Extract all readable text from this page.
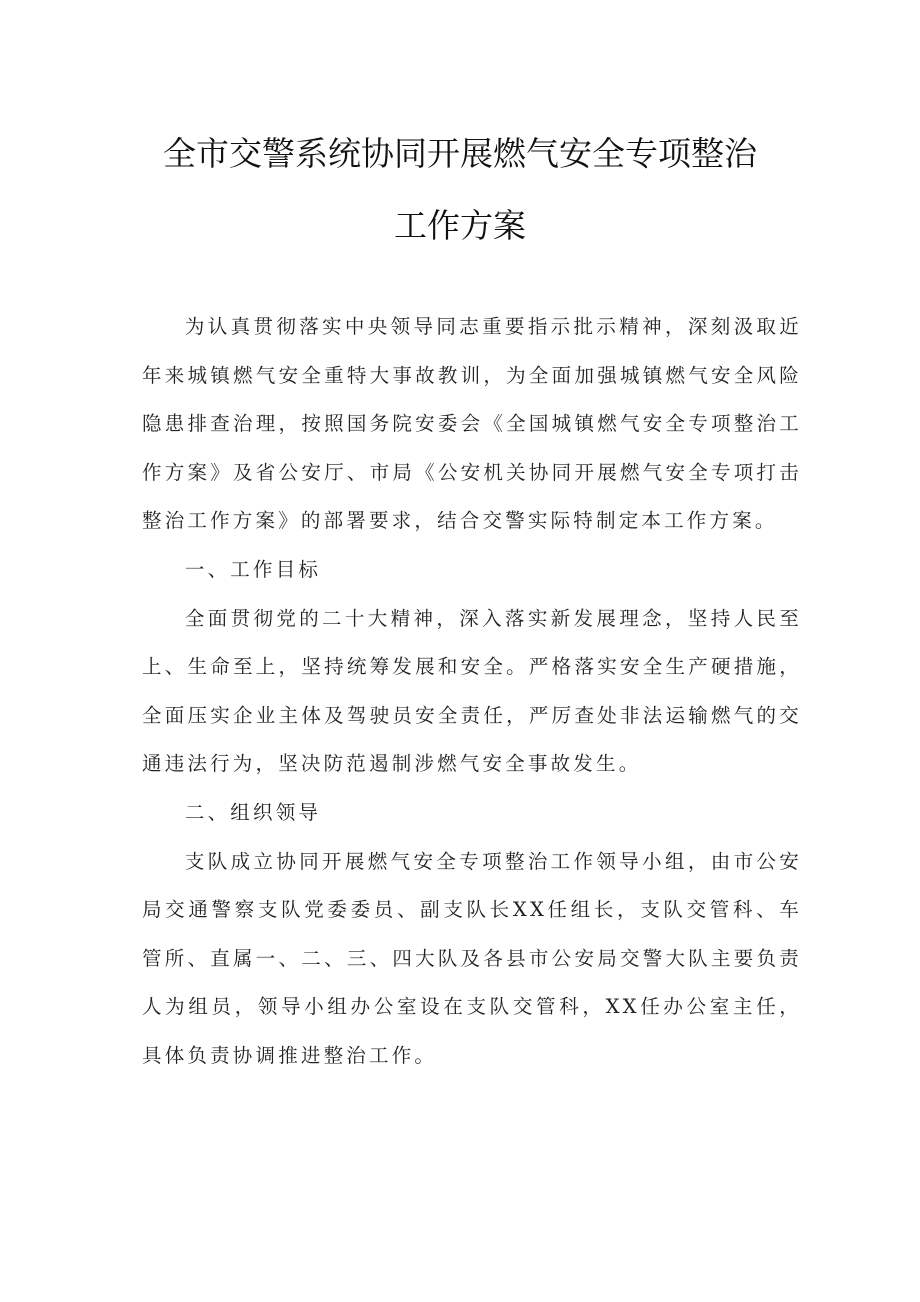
全市交警系统协同开展燃气安全专项整治
工作方案

为认真贯彻落实中央领导同志重要指示批示精神，深刻汲取近年来城镇燃气安全重特大事故教训，为全面加强城镇燃气安全风险隐患排查治理，按照国务院安委会《全国城镇燃气安全专项整治工作方案》及省公安厅、市局《公安机关协同开展燃气安全专项打击整治工作方案》的部署要求，结合交警实际特制定本工作方案。

一、工作目标

全面贯彻党的二十大精神，深入落实新发展理念，坚持人民至上、生命至上，坚持统筹发展和安全。严格落实安全生产硬措施，全面压实企业主体及驾驶员安全责任，严厉查处非法运输燃气的交通违法行为，坚决防范遏制涉燃气安全事故发生。

二、组织领导

支队成立协同开展燃气安全专项整治工作领导小组，由市公安局交通警察支队党委委员、副支队长XX任组长，支队交管科、车管所、直属一、二、三、四大队及各县市公安局交警大队主要负责人为组员，领导小组办公室设在支队交管科，XX任办公室主任，具体负责协调推进整治工作。
